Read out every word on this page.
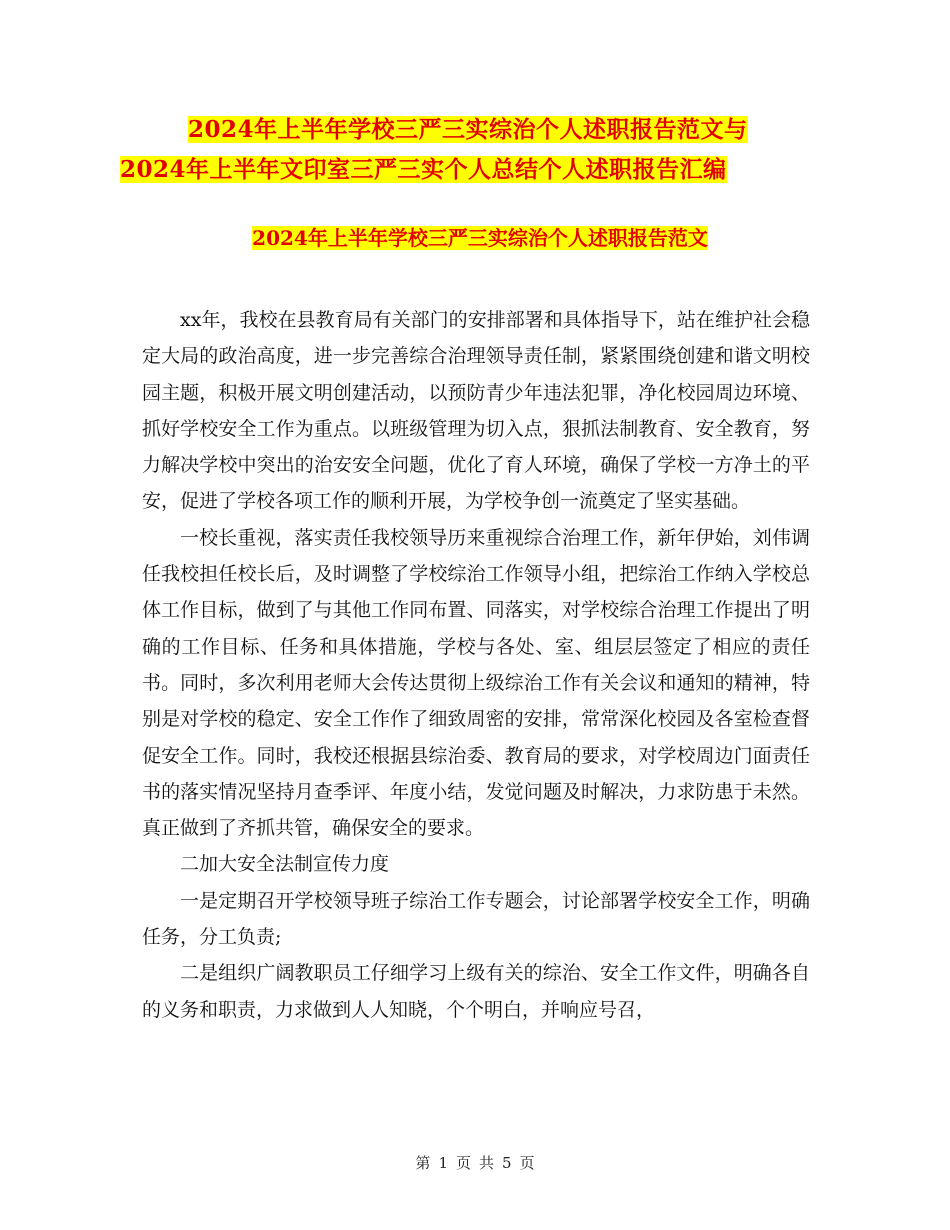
2024年上半年学校三严三实综治个人述职报告范文与
2024年上半年文印室三严三实个人总结个人述职报告汇编
2024年上半年学校三严三实综治个人述职报告范文

xx年，我校在县教育局有关部门的安排部署和具体指导下，站在维护社会稳定大局的政治高度，进一步完善综合治理领导责任制，紧紧围绕创建和谐文明校园主题，积极开展文明创建活动，以预防青少年违法犯罪，净化校园周边环境、抓好学校安全工作为重点。以班级管理为切入点，狠抓法制教育、安全教育，努力解决学校中突出的治安安全问题，优化了育人环境，确保了学校一方净土的平安，促进了学校各项工作的顺利开展，为学校争创一流奠定了坚实基础。

一校长重视，落实责任我校领导历来重视综合治理工作，新年伊始，刘伟调任我校担任校长后，及时调整了学校综治工作领导小组，把综治工作纳入学校总体工作目标，做到了与其他工作同布置、同落实，对学校综合治理工作提出了明确的工作目标、任务和具体措施，学校与各处、室、组层层签定了相应的责任书。同时，多次利用老师大会传达贯彻上级综治工作有关会议和通知的精神，特别是对学校的稳定、安全工作作了细致周密的安排，常常深化校园及各室检查督促安全工作。同时，我校还根据县综治委、教育局的要求，对学校周边门面责任书的落实情况坚持月查季评、年度小结，发觉问题及时解决，力求防患于未然。真正做到了齐抓共管，确保安全的要求。

二加大安全法制宣传力度

一是定期召开学校领导班子综治工作专题会，讨论部署学校安全工作，明确任务，分工负责;

二是组织广阔教职员工仔细学习上级有关的综治、安全工作文件，明确各自的义务和职责，力求做到人人知晓，个个明白，并响应号召，

第 1 页 共 5 页
